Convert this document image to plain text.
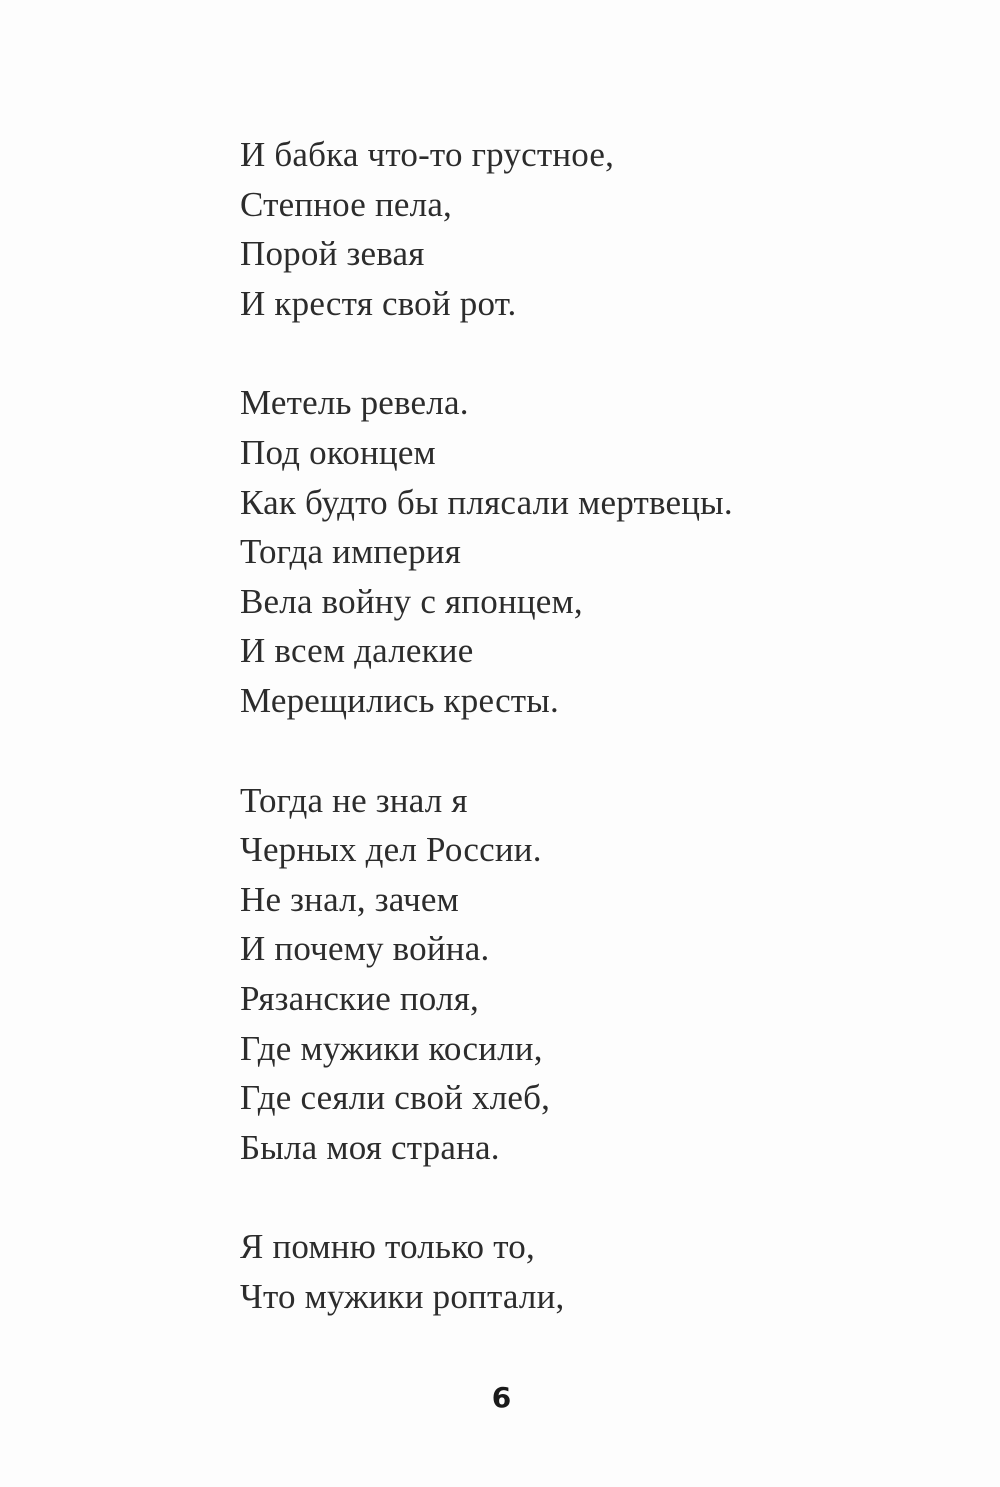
И бабка что-то грустное,
Степное пела,
Порой зевая
И крестя свой рот.
Метель ревела.
Под оконцем
Как будто бы плясали мертвецы.
Тогда империя
Вела войну с японцем,
И всем далекие
Мерещились кресты.
Тогда не знал я
Черных дел России.
Не знал, зачем
И почему война.
Рязанские поля,
Где мужики косили,
Где сеяли свой хлеб,
Была моя страна.
Я помню только то,
Что мужики роптали,
6
